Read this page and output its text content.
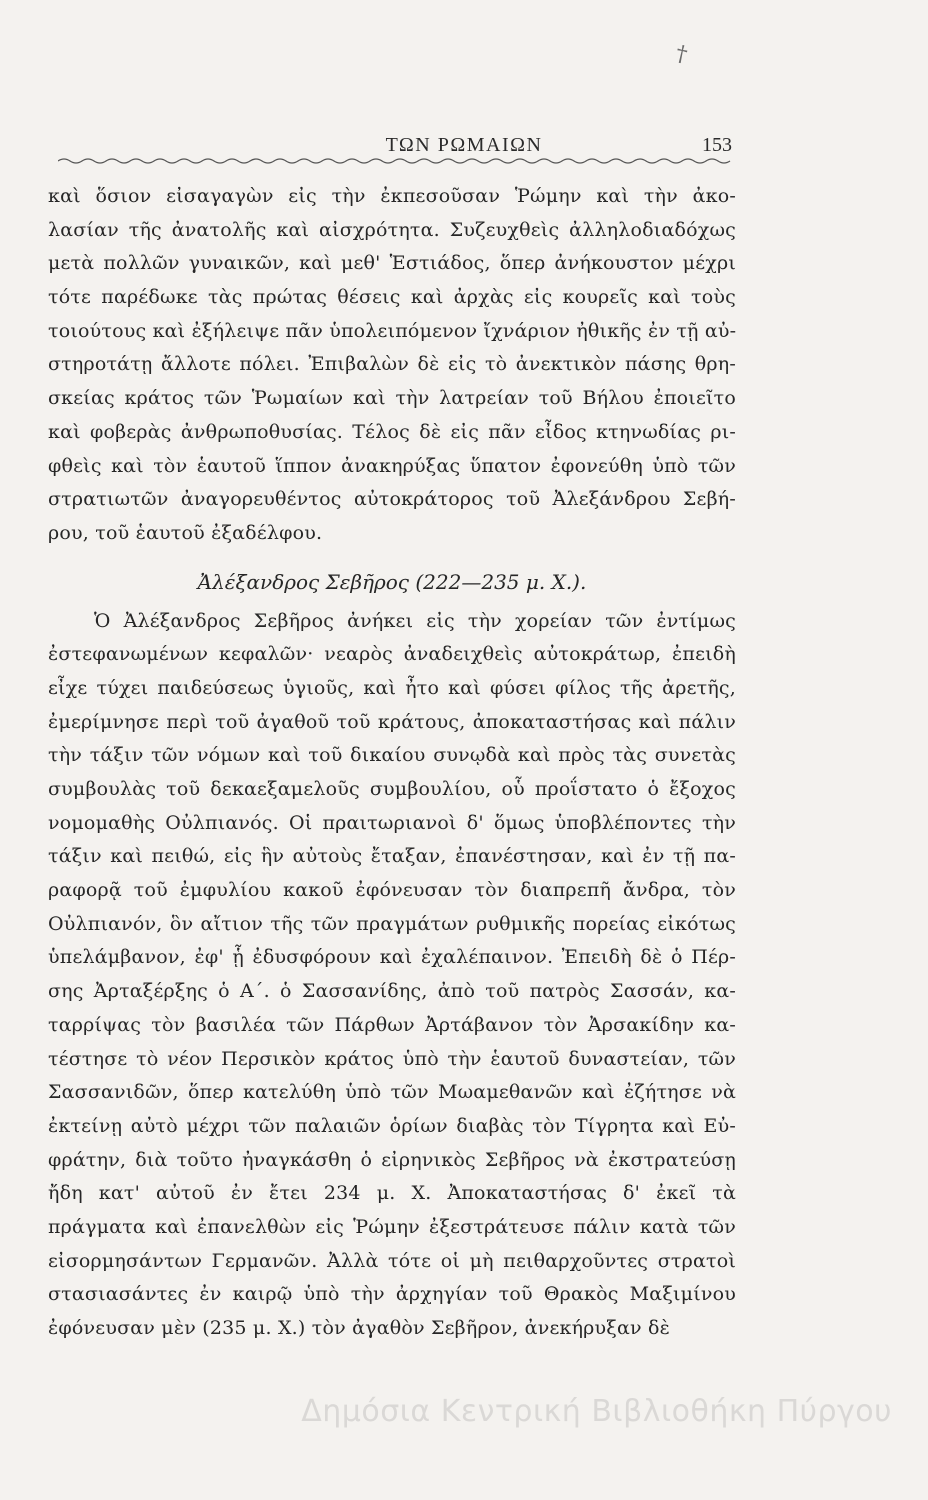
†
ΤΩΝ ΡΩΜΑΙΩΝ	153
καὶ ὅσιον εἰσαγαγὼν εἰς τὴν ἐκπεσοῦσαν Ῥώμην καὶ τὴν ἀκο-
λασίαν τῆς ἀνατολῆς καὶ αἰσχρότητα. Συζευχθεὶς ἀλληλοδιαδόχως
μετὰ πολλῶν γυναικῶν, καὶ μεθ' Ἑστιάδος, ὅπερ ἀνήκουστον μέχρι
τότε παρέδωκε τὰς πρώτας θέσεις καὶ ἀρχὰς εἰς κουρεῖς καὶ τοὺς
τοιούτους καὶ ἐξήλειψε πᾶν ὑπολειπόμενον ἴχνάριον ἠθικῆς ἐν τῇ αὐ-
στηροτάτῃ ἄλλοτε πόλει. Ἐπιβαλὼν δὲ εἰς τὸ ἀνεκτικὸν πάσης θρη-
σκείας κράτος τῶν Ῥωμαίων καὶ τὴν λατρείαν τοῦ Βήλου ἐποιεῖτο
καὶ φοβερὰς ἀνθρωποθυσίας. Τέλος δὲ εἰς πᾶν εἶδος κτηνωδίας ρι-
φθεὶς καὶ τὸν ἑαυτοῦ ἵππον ἀνακηρύξας ὕπατον ἐφονεύθη ὑπὸ τῶν
στρατιωτῶν ἀναγορευθέντος αὐτοκράτορος τοῦ Ἀλεξάνδρου Σεβή-
ρου, τοῦ ἑαυτοῦ ἐξαδέλφου.
Ἀλέξανδρος Σεβῆρος (222—235 μ. Χ.).
Ὁ Ἀλέξανδρος Σεβῆρος ἀνήκει εἰς τὴν χορείαν τῶν ἐντίμως
ἐστεφανωμένων κεφαλῶν· νεαρὸς ἀναδειχθεὶς αὐτοκράτωρ, ἐπειδὴ
εἶχε τύχει παιδεύσεως ὑγιοῦς, καὶ ἦτο καὶ φύσει φίλος τῆς ἀρετῆς,
ἐμερίμνησε περὶ τοῦ ἀγαθοῦ τοῦ κράτους, ἀποκαταστήσας καὶ πάλιν
τὴν τάξιν τῶν νόμων καὶ τοῦ δικαίου συνῳδὰ καὶ πρὸς τὰς συνετὰς
συμβουλὰς τοῦ δεκαεξαμελοῦς συμβουλίου, οὗ προΐστατο ὁ ἔξοχος
νομομαθὴς Οὐλπιανός. Οἱ πραιτωριανοὶ δ' ὅμως ὑποβλέποντες τὴν
τάξιν καὶ πειθώ, εἰς ἣν αὐτοὺς ἔταξαν, ἐπανέστησαν, καὶ ἐν τῇ πα-
ραφορᾷ τοῦ ἐμφυλίου κακοῦ ἐφόνευσαν τὸν διαπρεπῆ ἄνδρα, τὸν
Οὐλπιανόν, ὃν αἴτιον τῆς τῶν πραγμάτων ρυθμικῆς πορείας εἰκότως
ὑπελάμβανον, ἐφ' ᾗ ἐδυσφόρουν καὶ ἐχαλέπαινον. Ἐπειδὴ δὲ ὁ Πέρ-
σης Ἀρταξέρξης ὁ Α΄. ὁ Σασσανίδης, ἀπὸ τοῦ πατρὸς Σασσάν, κα-
ταρρίψας τὸν βασιλέα τῶν Πάρθων Ἀρτάβανον τὸν Ἀρσακίδην κα-
τέστησε τὸ νέον Περσικὸν κράτος ὑπὸ τὴν ἑαυτοῦ δυναστείαν, τῶν
Σασσανιδῶν, ὅπερ κατελύθη ὑπὸ τῶν Μωαμεθανῶν καὶ ἐζήτησε νὰ
ἐκτείνῃ αὐτὸ μέχρι τῶν παλαιῶν ὁρίων διαβὰς τὸν Τίγρητα καὶ Εὐ-
φράτην, διὰ τοῦτο ἠναγκάσθη ὁ εἰρηνικὸς Σεβῆρος νὰ ἐκστρατεύσῃ
ἤδη κατ' αὐτοῦ ἐν ἔτει 234 μ. Χ. Ἀποκαταστήσας δ' ἐκεῖ τὰ
πράγματα καὶ ἐπανελθὼν εἰς Ῥώμην ἐξεστράτευσε πάλιν κατὰ τῶν
εἰσορμησάντων Γερμανῶν. Ἀλλὰ τότε οἱ μὴ πειθαρχοῦντες στρατοὶ
στασιασάντες ἐν καιρῷ ὑπὸ τὴν ἀρχηγίαν τοῦ Θρακὸς Μαξιμίνου
ἐφόνευσαν μὲν (235 μ. Χ.) τὸν ἀγαθὸν Σεβῆρον, ἀνεκήρυξαν δὲ
Δημόσια Κεντρική Βιβλιοθήκη Πύργου
